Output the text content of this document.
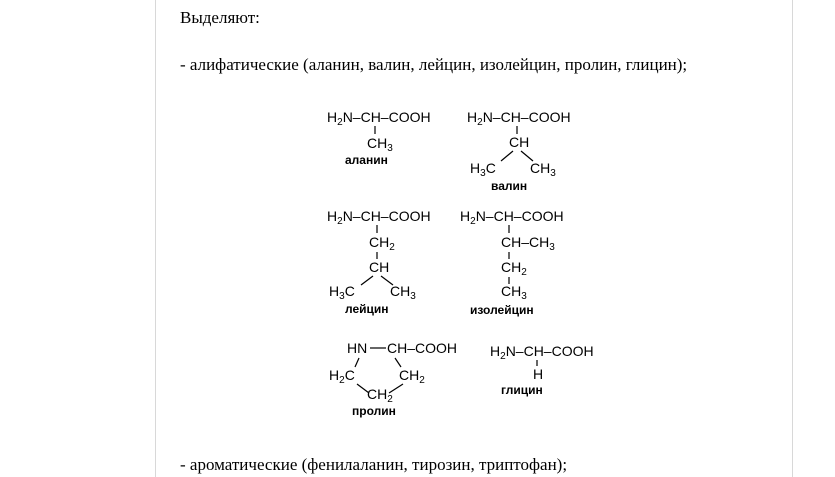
Выделяют:
- алифатические (аланин, валин, лейцин, изолейцин, пролин, глицин);
$H_2N-CH$–COOH
$CH_3$
аланин
$H_2N-CH$–COOH
CH
$H_3C$ $CH_3$
валин
$H_2N-CH$–COOH
$CH_2$
CH
$H_3C$	$CH_3$
лейцин
$H_2N-CH$–COOH
$CH-CH_3$
$CH_2$
$CH_3$
изолейцин
HN CH–COOH
$H_2C$	$CH_2$
$CH_2$
пролин
$H_2N-CH$–COOH
H
глицин
- ароматические (фенилаланин, тирозин, триптофан);
